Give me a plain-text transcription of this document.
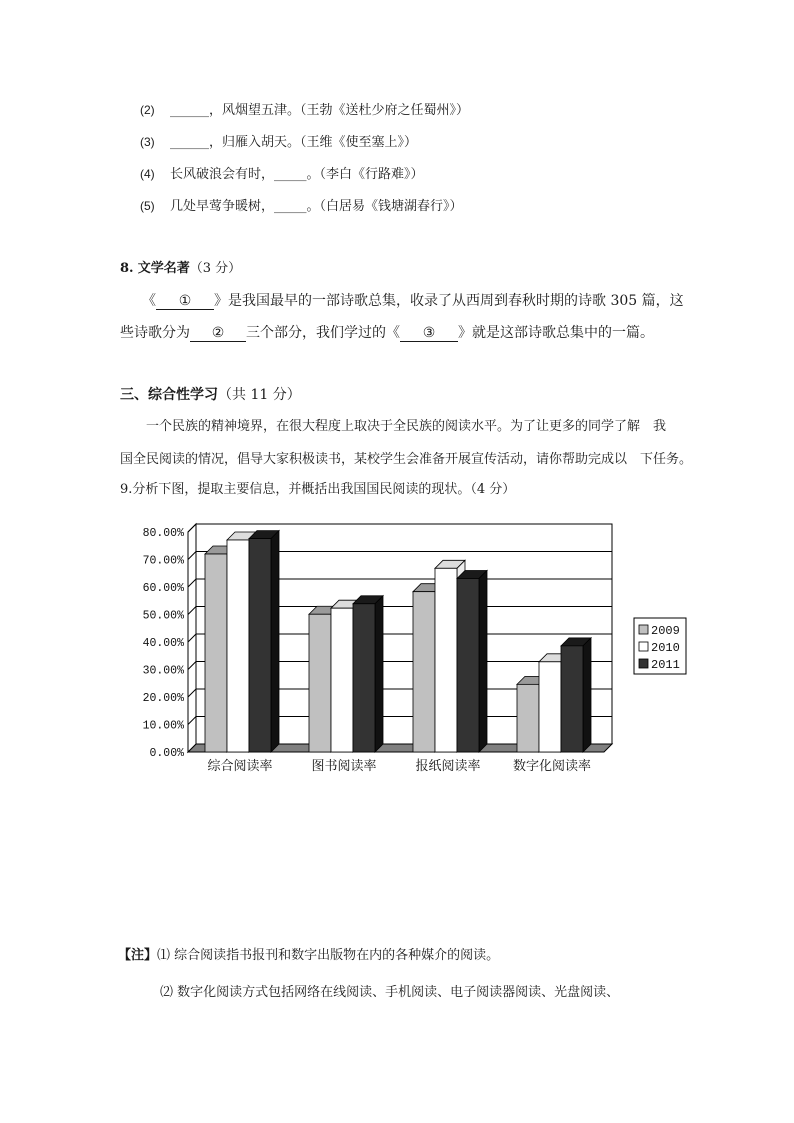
(2) ______，风烟望五津。（王勃《送杜少府之任蜀州》）
(3) ______，归雁入胡天。（王维《使至塞上》）
(4) 长风破浪会有时，_____。（李白《行路难》）
(5) 几处早莺争暖树，_____。（白居易《钱塘湖春行》）
8. 文学名著（3 分）
《 ① 》是我国最早的一部诗歌总集，收录了从西周到春秋时期的诗歌 305 篇，这
些诗歌分为 ② 三个部分，我们学过的《 ③ 》就是这部诗歌总集中的一篇。
三、综合性学习（共 11 分）
一个民族的精神境界，在很大程度上取决于全民族的阅读水平。为了让更多的同学了解　我
国全民阅读的情况，倡导大家积极读书，某校学生会准备开展宣传活动，请你帮助完成以　下任务。
9.分析下图，提取主要信息，并概括出我国国民阅读的现状。（4 分）
0.00%
10.00%
20.00%
30.00%
40.00%
50.00%
60.00%
70.00%
80.00%
综合阅读率	图书阅读率	报纸阅读率 数字化阅读率
2009
2010
2011
【注】⑴ 综合阅读指书报刊和数字出版物在内的各种媒介的阅读。
⑵ 数字化阅读方式包括网络在线阅读、手机阅读、电子阅读器阅读、光盘阅读、
